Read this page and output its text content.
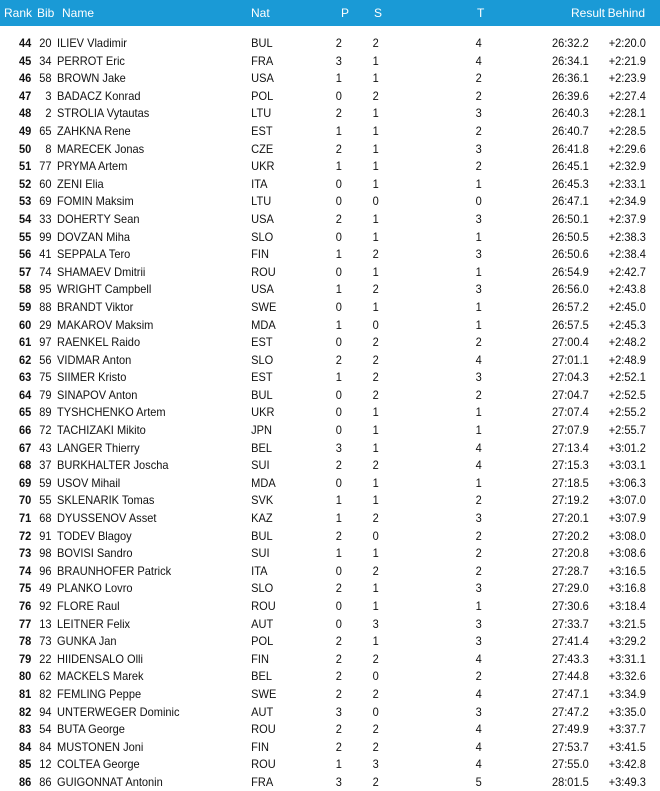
Rank Bib Name	Nat	P S	T	Result Behind
44 20 ILIEV Vladimir	BUL	2	2	4	26:32.2	+2:20.0
45 34 PERROT Eric	FRA	3	1	4	26:34.1	+2:21.9
46 58 BROWN Jake	USA	1	1	2	26:36.1	+2:23.9
47	3 BADACZ Konrad	POL	0	2	2	26:39.6	+2:27.4
48	2 STROLIA Vytautas	LTU	2	1	3	26:40.3	+2:28.1
49 65 ZAHKNA Rene	EST	1	1	2	26:40.7	+2:28.5
50	8 MARECEK Jonas	CZE	2	1	3	26:41.8	+2:29.6
51 77 PRYMA Artem	UKR	1	1	2	26:45.1	+2:32.9
52 60 ZENI Elia	ITA	0	1	1	26:45.3	+2:33.1
53 69 FOMIN Maksim	LTU	0	0	0	26:47.1	+2:34.9
54 33 DOHERTY Sean	USA	2	1	3	26:50.1	+2:37.9
55 99 DOVZAN Miha	SLO	0	1	1	26:50.5	+2:38.3
56 41 SEPPALA Tero	FIN	1	2	3	26:50.6	+2:38.4
57 74 SHAMAEV Dmitrii	ROU	0	1	1	26:54.9	+2:42.7
58 95 WRIGHT Campbell	USA	1	2	3	26:56.0	+2:43.8
59 88 BRANDT Viktor	SWE	0	1	1	26:57.2	+2:45.0
60 29 MAKAROV Maksim	MDA	1	0	1	26:57.5	+2:45.3
61 97 RAENKEL Raido	EST	0	2	2	27:00.4	+2:48.2
62 56 VIDMAR Anton	SLO	2	2	4	27:01.1	+2:48.9
63 75 SIIMER Kristo	EST	1	2	3	27:04.3	+2:52.1
64 79 SINAPOV Anton	BUL	0	2	2	27:04.7	+2:52.5
65 89 TYSHCHENKO Artem	UKR	0	1	1	27:07.4	+2:55.2
66 72 TACHIZAKI Mikito	JPN	0	1	1	27:07.9	+2:55.7
67 43 LANGER Thierry	BEL	3	1	4	27:13.4	+3:01.2
68 37 BURKHALTER Joscha	SUI	2	2	4	27:15.3	+3:03.1
69 59 USOV Mihail	MDA	0	1	1	27:18.5	+3:06.3
70 55 SKLENARIK Tomas	SVK	1	1	2	27:19.2	+3:07.0
71 68 DYUSSENOV Asset	KAZ	1	2	3	27:20.1	+3:07.9
72 91 TODEV Blagoy	BUL	2	0	2	27:20.2	+3:08.0
73 98 BOVISI Sandro	SUI	1	1	2	27:20.8	+3:08.6
74 96 BRAUNHOFER Patrick	ITA	0	2	2	27:28.7	+3:16.5
75 49 PLANKO Lovro	SLO	2	1	3	27:29.0	+3:16.8
76 92 FLORE Raul	ROU	0	1	1	27:30.6	+3:18.4
77 13 LEITNER Felix	AUT	0	3	3	27:33.7	+3:21.5
78 73 GUNKA Jan	POL	2	1	3	27:41.4	+3:29.2
79 22 HIIDENSALO Olli	FIN	2	2	4	27:43.3	+3:31.1
80 62 MACKELS Marek	BEL	2	0	2	27:44.8	+3:32.6
81 82 FEMLING Peppe	SWE	2	2	4	27:47.1	+3:34.9
82 94 UNTERWEGER Dominic	AUT	3	0	3	27:47.2	+3:35.0
83 54 BUTA George	ROU	2	2	4	27:49.9	+3:37.7
84 84 MUSTONEN Joni	FIN	2	2	4	27:53.7	+3:41.5
85 12 COLTEA George	ROU	1	3	4	27:55.0	+3:42.8
86 86 GUIGONNAT Antonin	FRA	3	2	5	28:01.5	+3:49.3
